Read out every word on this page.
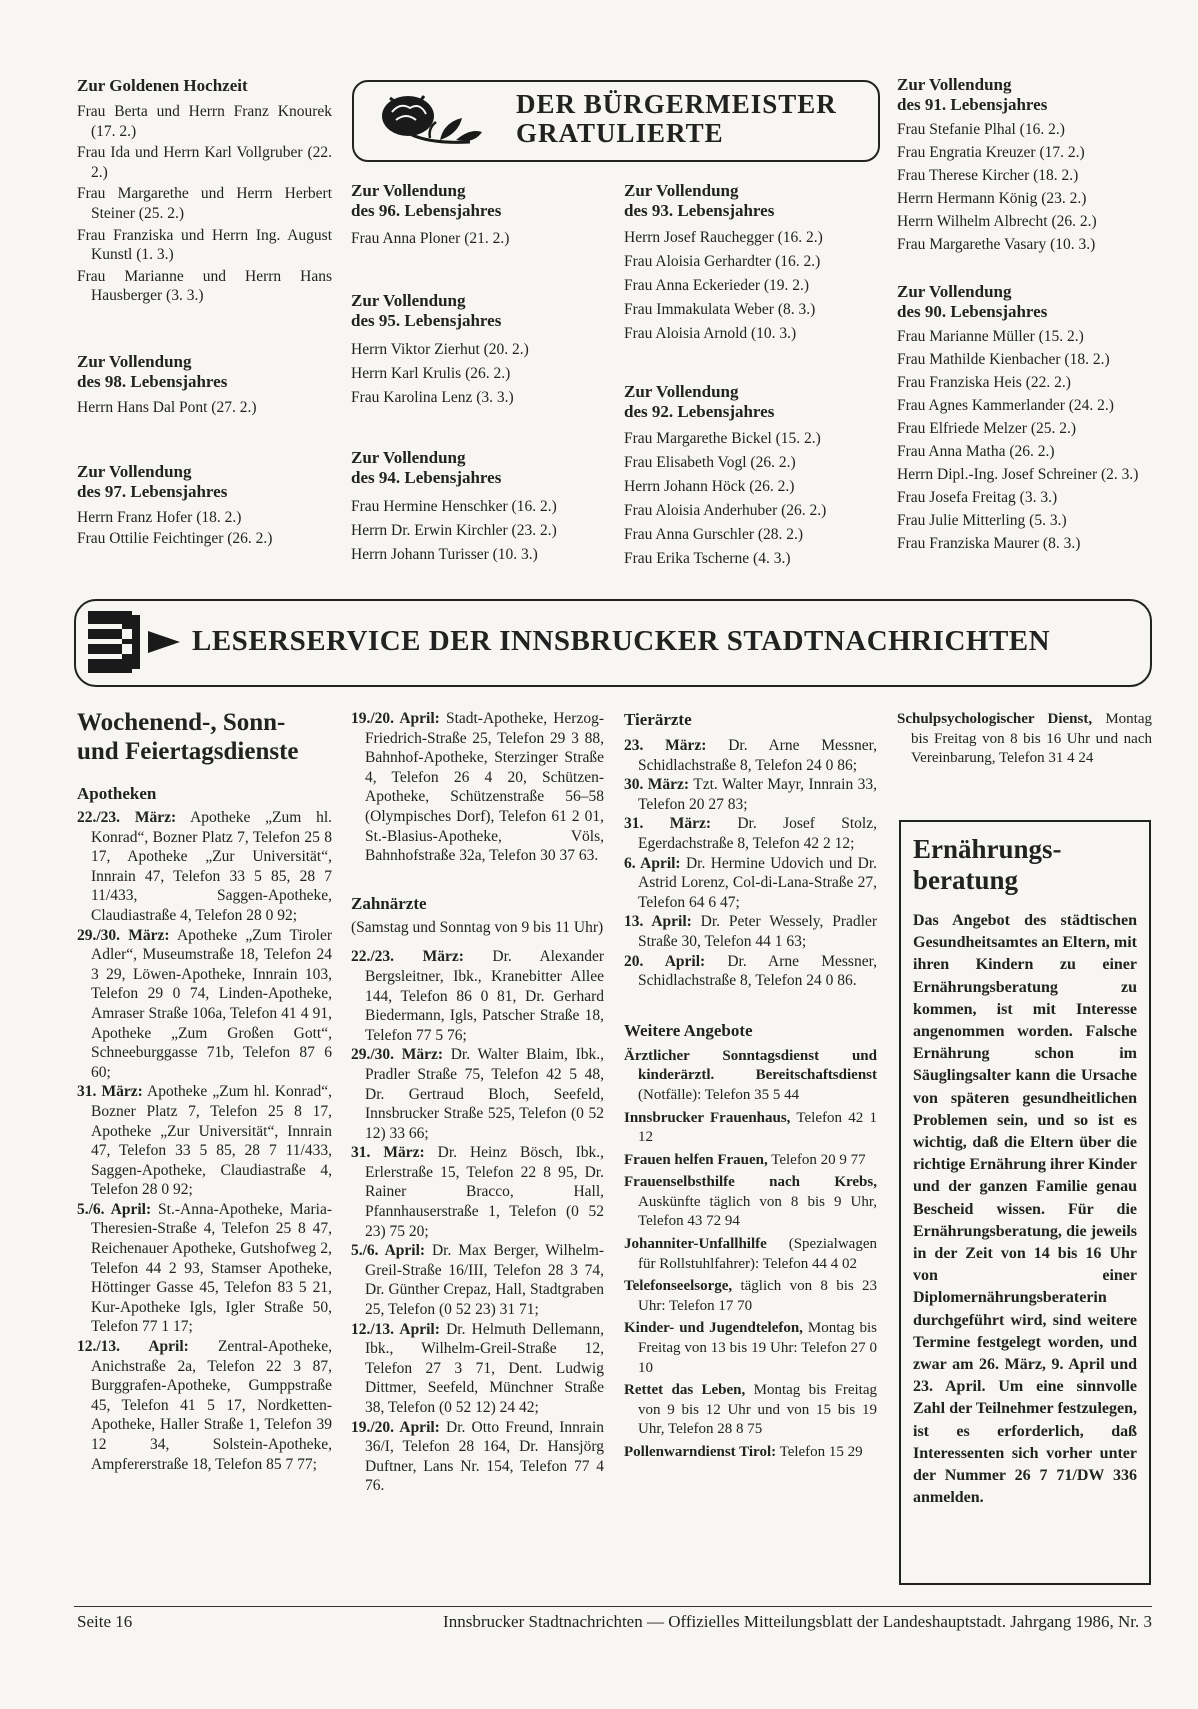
Zur Goldenen Hochzeit

Frau Berta und Herrn Franz Knourek (17. 2.)

Frau Ida und Herrn Karl Vollgruber (22. 2.)

Frau Margarethe und Herrn Herbert Steiner (25. 2.)

Frau Franziska und Herrn Ing. August Kunstl (1. 3.)

Frau Marianne und Herrn Hans Hausberger (3. 3.)

Zur Vollendung
des 98. Lebensjahres

Herrn Hans Dal Pont (27. 2.)

Zur Vollendung
des 97. Lebensjahres

Herrn Franz Hofer (18. 2.)

Frau Ottilie Feichtinger (26. 2.)

DER BÜRGERMEISTER
GRATULIERTE
Zur Vollendung
des 96. Lebensjahres

Frau Anna Ploner (21. 2.)

Zur Vollendung
des 95. Lebensjahres

Herrn Viktor Zierhut (20. 2.)

Herrn Karl Krulis (26. 2.)

Frau Karolina Lenz (3. 3.)

Zur Vollendung
des 94. Lebensjahres

Frau Hermine Henschker (16. 2.)

Herrn Dr. Erwin Kirchler (23. 2.)

Herrn Johann Turisser (10. 3.)

Zur Vollendung
des 93. Lebensjahres

Herrn Josef Rauchegger (16. 2.)

Frau Aloisia Gerhardter (16. 2.)

Frau Anna Eckerieder (19. 2.)

Frau Immakulata Weber (8. 3.)

Frau Aloisia Arnold (10. 3.)

Zur Vollendung
des 92. Lebensjahres

Frau Margarethe Bickel (15. 2.)

Frau Elisabeth Vogl (26. 2.)

Herrn Johann Höck (26. 2.)

Frau Aloisia Anderhuber (26. 2.)

Frau Anna Gurschler (28. 2.)

Frau Erika Tscherne (4. 3.)

Zur Vollendung
des 91. Lebensjahres

Frau Stefanie Plhal (16. 2.)

Frau Engratia Kreuzer (17. 2.)

Frau Therese Kircher (18. 2.)

Herrn Hermann König (23. 2.)

Herrn Wilhelm Albrecht (26. 2.)

Frau Margarethe Vasary (10. 3.)

Zur Vollendung
des 90. Lebensjahres

Frau Marianne Müller (15. 2.)

Frau Mathilde Kienbacher (18. 2.)

Frau Franziska Heis (22. 2.)

Frau Agnes Kammerlander (24. 2.)

Frau Elfriede Melzer (25. 2.)

Frau Anna Matha (26. 2.)

Herrn Dipl.-Ing. Josef Schreiner (2. 3.)

Frau Josefa Freitag (3. 3.)

Frau Julie Mitterling (5. 3.)

Frau Franziska Maurer (8. 3.)

LESERSERVICE DER INNSBRUCKER STADTNACHRICHTEN
Wochenend-, Sonn- und Feiertagsdienste
Apotheken

22./23. März: Apotheke „Zum hl. Konrad“, Bozner Platz 7, Telefon 25 8 17, Apotheke „Zur Universität“, Innrain 47, Telefon 33 5 85, 28 7 11/433, Saggen-Apotheke, Claudiastraße 4, Telefon 28 0 92;

29./30. März: Apotheke „Zum Tiroler Adler“, Museumstraße 18, Telefon 24 3 29, Löwen-Apotheke, Innrain 103, Telefon 29 0 74, Linden-Apotheke, Amraser Straße 106a, Telefon 41 4 91, Apotheke „Zum Großen Gott“, Schneeburggasse 71b, Telefon 87 6 60;

31. März: Apotheke „Zum hl. Konrad“, Bozner Platz 7, Telefon 25 8 17, Apotheke „Zur Universität“, Innrain 47, Telefon 33 5 85, 28 7 11/433, Saggen-Apotheke, Claudiastraße 4, Telefon 28 0 92;

5./6. April: St.-Anna-Apotheke, Maria-Theresien-Straße 4, Telefon 25 8 47, Reichenauer Apotheke, Gutshofweg 2, Telefon 44 2 93, Stamser Apotheke, Höttinger Gasse 45, Telefon 83 5 21, Kur-Apotheke Igls, Igler Straße 50, Telefon 77 1 17;

12./13. April: Zentral-Apotheke, Anichstraße 2a, Telefon 22 3 87, Burggrafen-Apotheke, Gumppstraße 45, Telefon 41 5 17, Nordketten-Apotheke, Haller Straße 1, Telefon 39 12 34, Solstein-Apotheke, Ampfererstraße 18, Telefon 85 7 77;

19./20. April: Stadt-Apotheke, Herzog-Friedrich-Straße 25, Telefon 29 3 88, Bahnhof-Apotheke, Sterzinger Straße 4, Telefon 26 4 20, Schützen-Apotheke, Schützenstraße 56–58 (Olympisches Dorf), Telefon 61 2 01, St.-Blasius-Apotheke, Völs, Bahnhofstraße 32a, Telefon 30 37 63.

Zahnärzte

(Samstag und Sonntag von 9 bis 11 Uhr)

22./23. März: Dr. Alexander Bergsleitner, Ibk., Kranebitter Allee 144, Telefon 86 0 81, Dr. Gerhard Biedermann, Igls, Patscher Straße 18, Telefon 77 5 76;

29./30. März: Dr. Walter Blaim, Ibk., Pradler Straße 75, Telefon 42 5 48, Dr. Gertraud Bloch, Seefeld, Innsbrucker Straße 525, Telefon (0 52 12) 33 66;

31. März: Dr. Heinz Bösch, Ibk., Erlerstraße 15, Telefon 22 8 95, Dr. Rainer Bracco, Hall, Pfannhauserstraße 1, Telefon (0 52 23) 75 20;

5./6. April: Dr. Max Berger, Wilhelm-Greil-Straße 16/III, Telefon 28 3 74, Dr. Günther Crepaz, Hall, Stadtgraben 25, Telefon (0 52 23) 31 71;

12./13. April: Dr. Helmuth Dellemann, Ibk., Wilhelm-Greil-Straße 12, Telefon 27 3 71, Dent. Ludwig Dittmer, Seefeld, Münchner Straße 38, Telefon (0 52 12) 24 42;

19./20. April: Dr. Otto Freund, Innrain 36/I, Telefon 28 164, Dr. Hansjörg Duftner, Lans Nr. 154, Telefon 77 4 76.

Tierärzte

23. März: Dr. Arne Messner, Schidlachstraße 8, Telefon 24 0 86;

30. März: Tzt. Walter Mayr, Innrain 33, Telefon 20 27 83;

31. März: Dr. Josef Stolz, Egerdachstraße 8, Telefon 42 2 12;

6. April: Dr. Hermine Udovich und Dr. Astrid Lorenz, Col-di-Lana-Straße 27, Telefon 64 6 47;

13. April: Dr. Peter Wessely, Pradler Straße 30, Telefon 44 1 63;

20. April: Dr. Arne Messner, Schidlachstraße 8, Telefon 24 0 86.

Weitere Angebote

Ärztlicher Sonntagsdienst und kinderärztl. Bereitschaftsdienst (Notfälle): Telefon 35 5 44

Innsbrucker Frauenhaus, Telefon 42 1 12

Frauen helfen Frauen, Telefon 20 9 77

Frauenselbsthilfe nach Krebs, Auskünfte täglich von 8 bis 9 Uhr, Telefon 43 72 94

Johanniter-Unfallhilfe (Spezialwagen für Rollstuhlfahrer): Telefon 44 4 02

Telefonseelsorge, täglich von 8 bis 23 Uhr: Telefon 17 70

Kinder- und Jugendtelefon, Montag bis Freitag von 13 bis 19 Uhr: Telefon 27 0 10

Rettet das Leben, Montag bis Freitag von 9 bis 12 Uhr und von 15 bis 19 Uhr, Telefon 28 8 75

Pollenwarndienst Tirol: Telefon 15 29

Schulpsychologischer Dienst, Montag bis Freitag von 8 bis 16 Uhr und nach Vereinbarung, Telefon 31 4 24

Ernährungs-beratung

Das Angebot des städtischen Gesundheitsamtes an Eltern, mit ihren Kindern zu einer Ernährungsberatung zu kommen, ist mit Interesse angenommen worden. Falsche Ernährung schon im Säuglingsalter kann die Ursache von späteren gesundheitlichen Problemen sein, und so ist es wichtig, daß die Eltern über die richtige Ernährung ihrer Kinder und der ganzen Familie genau Bescheid wissen. Für die Ernährungsberatung, die jeweils in der Zeit von 14 bis 16 Uhr von einer Diplomernährungsberaterin durchgeführt wird, sind weitere Termine festgelegt worden, und zwar am 26. März, 9. April und 23. April. Um eine sinnvolle Zahl der Teilnehmer festzulegen, ist es erforderlich, daß Interessenten sich vorher unter der Nummer 26 7 71/DW 336 anmelden.

Seite 16	Innsbrucker Stadtnachrichten — Offizielles Mitteilungsblatt der Landeshauptstadt. Jahrgang 1986, Nr. 3
